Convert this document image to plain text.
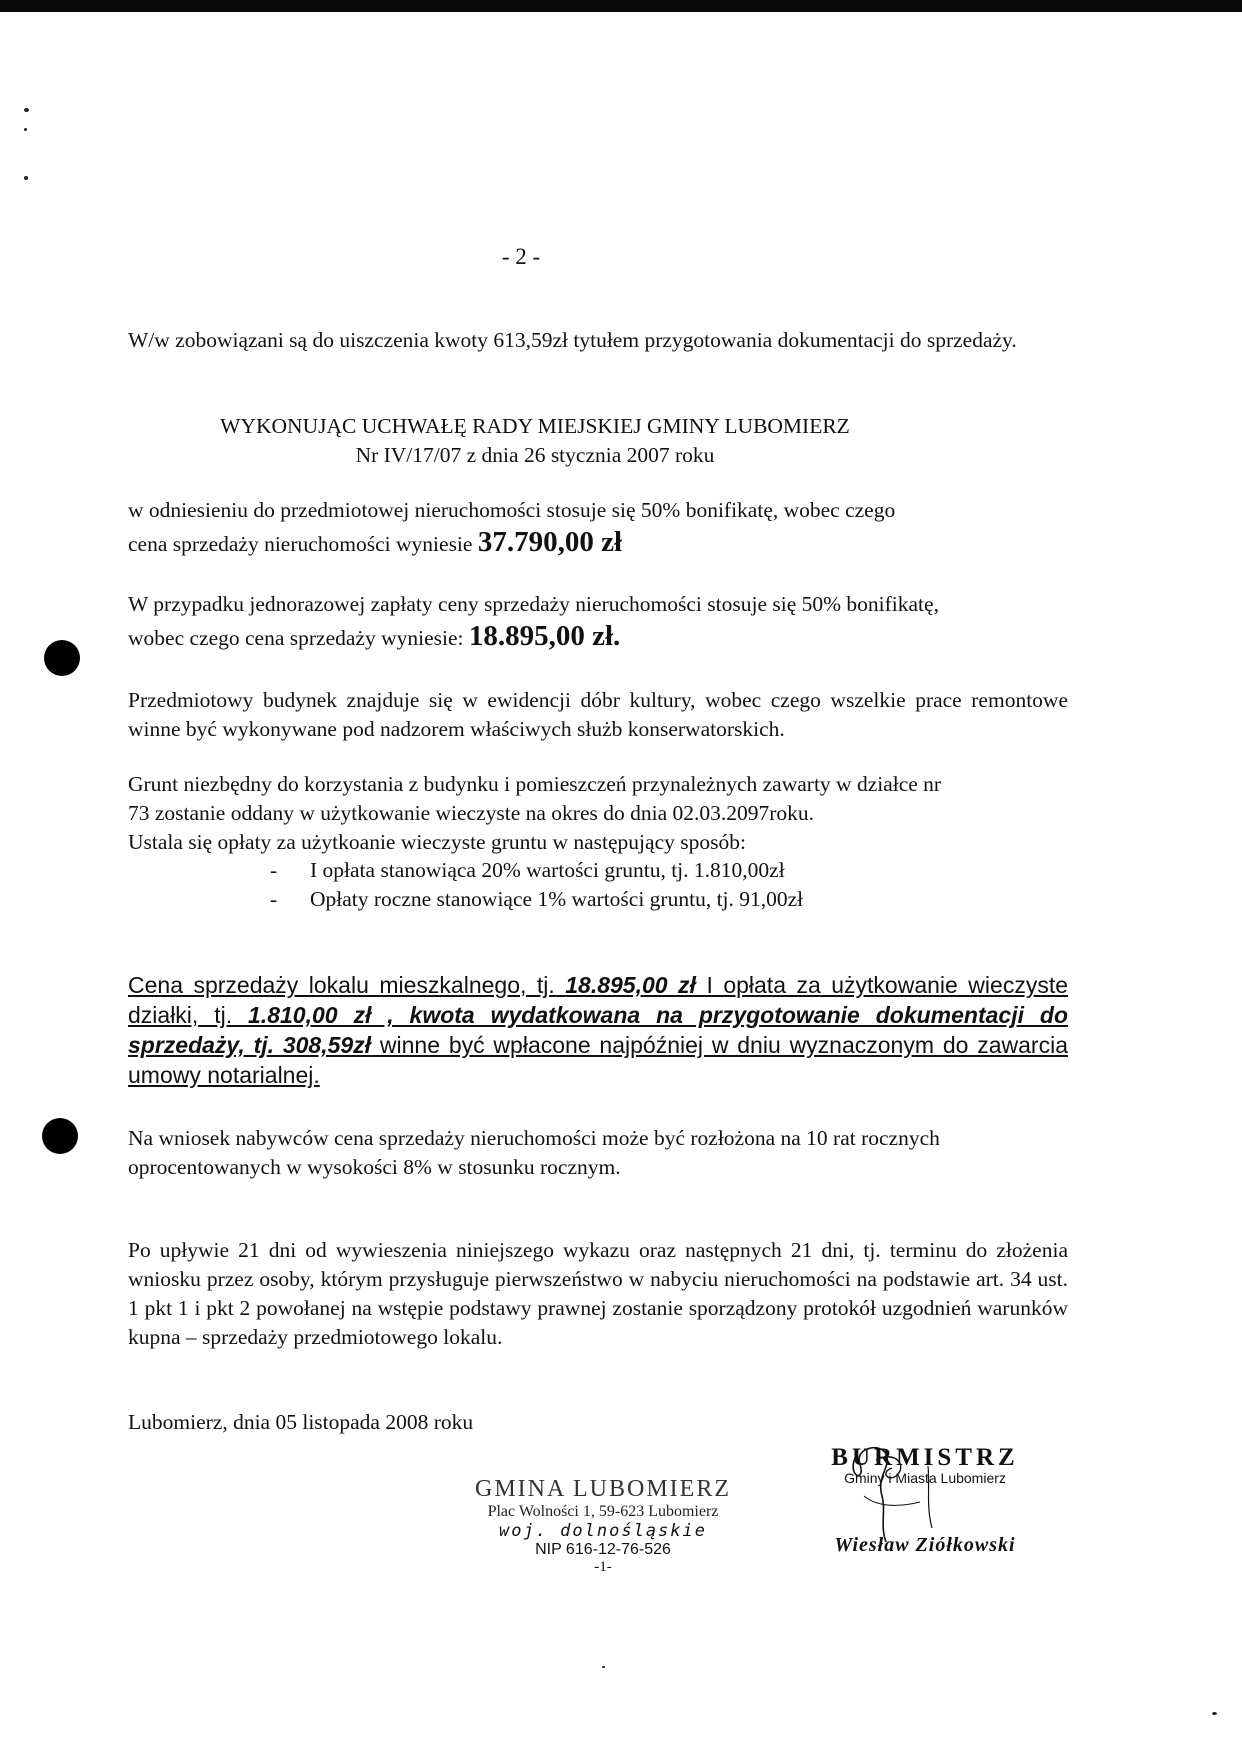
- 2 -

W/w zobowiązani są do uiszczenia kwoty 613,59zł tytułem przygotowania dokumentacji do sprzedaży.

WYKONUJĄC UCHWAŁĘ RADY MIEJSKIEJ GMINY LUBOMIERZ
Nr IV/17/07 z dnia 26 stycznia 2007 roku
w odniesieniu do przedmiotowej nieruchomości stosuje się 50% bonifikatę, wobec czego
cena sprzedaży nieruchomości wyniesie 37.790,00 zł
W przypadku jednorazowej zapłaty ceny sprzedaży nieruchomości stosuje się 50% bonifikatę,
wobec czego cena sprzedaży wyniesie: 18.895,00 zł.

Przedmiotowy budynek znajduje się w ewidencji dóbr kultury, wobec czego wszelkie prace remontowe winne być wykonywane pod nadzorem właściwych służb konserwatorskich.

Grunt niezbędny do korzystania z budynku i pomieszczeń przynależnych zawarty w działce nr
73 zostanie oddany w użytkowanie wieczyste na okres do dnia 02.03.2097roku.
Ustala się opłaty za użytkoanie wieczyste gruntu w następujący sposób:
- I opłata stanowiąca 20% wartości gruntu, tj. 1.810,00zł
- Opłaty roczne stanowiące 1% wartości gruntu, tj. 91,00zł
Cena sprzedaży lokalu mieszkalnego, tj. 18.895,00 zł I opłata za użytkowanie wieczyste działki, tj. 1.810,00 zł , kwota wydatkowana na przygotowanie dokumentacji do sprzedaży, tj. 308,59zł winne być wpłacone najpóźniej w dniu wyznaczonym do zawarcia umowy notarialnej.

Na wniosek nabywców cena sprzedaży nieruchomości może być rozłożona na 10 rat rocznych oprocentowanych w wysokości 8% w stosunku rocznym.

Po upływie 21 dni od wywieszenia niniejszego wykazu oraz następnych 21 dni, tj. terminu do złożenia wniosku przez osoby, którym przysługuje pierwszeństwo w nabyciu nieruchomości na podstawie art. 34 ust. 1 pkt 1 i pkt 2 powołanej na wstępie podstawy prawnej zostanie sporządzony protokół uzgodnień warunków kupna – sprzedaży przedmiotowego lokalu.

Lubomierz, dnia 05 listopada 2008 roku
GMINA LUBOMIERZ
Plac Wolności 1, 59-623 Lubomierz
woj. dolnośląskie
NIP 616-12-76-526
-1-
BURMISTRZ
Gminy i Miasta Lubomierz
Wiesław Ziółkowski
